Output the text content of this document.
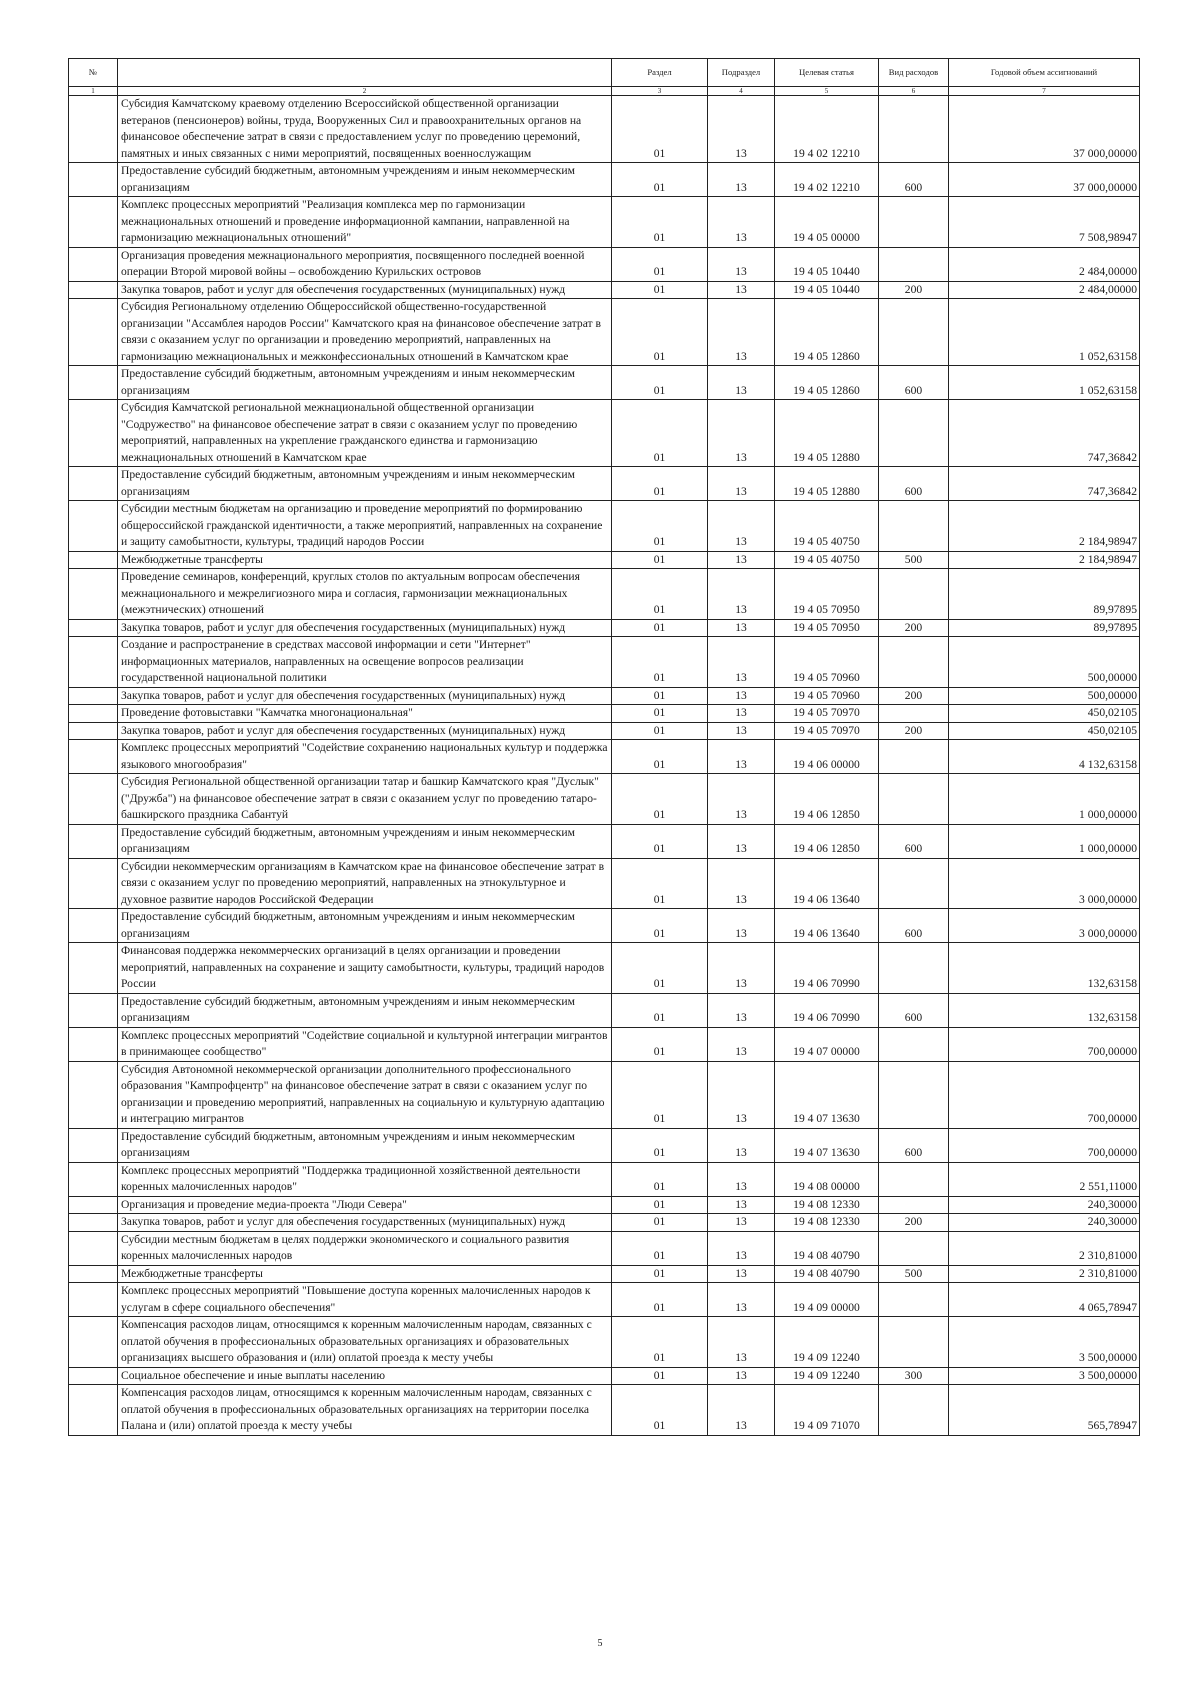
№		Раздел	Подраздел	Целевая статья	Вид расходов	Годовой объем ассигнований
1	2	3	4	5	6	7
	Субсидия Камчатскому краевому отделению Всероссийской общественной организации ветеранов (пенсионеров) войны, труда, Вооруженных Сил и правоохранительных органов на финансовое обеспечение затрат в связи с предоставлением услуг по проведению церемоний, памятных и иных связанных с ними мероприятий, посвященных военнослужащим	01	13	19 4 02 12210		37 000,00000
	Предоставление субсидий бюджетным, автономным учреждениям и иным некоммерческим организациям	01	13	19 4 02 12210	600	37 000,00000
	Комплекс процессных мероприятий "Реализация комплекса мер по гармонизации межнациональных отношений и проведение информационной кампании, направленной на гармонизацию межнациональных отношений"	01	13	19 4 05 00000		7 508,98947
	Организация проведения межнационального мероприятия, посвященного последней военной операции Второй мировой войны – освобождению Курильских островов	01	13	19 4 05 10440		2 484,00000
	Закупка товаров, работ и услуг для обеспечения государственных (муниципальных) нужд	01	13	19 4 05 10440	200	2 484,00000
	Субсидия Региональному отделению Общероссийской общественно-государственной организации "Ассамблея народов России" Камчатского края на финансовое обеспечение затрат в связи с оказанием услуг по организации и проведению мероприятий, направленных на гармонизацию межнациональных и межконфессиональных отношений в Камчатском крае	01	13	19 4 05 12860		1 052,63158
	Предоставление субсидий бюджетным, автономным учреждениям и иным некоммерческим организациям	01	13	19 4 05 12860	600	1 052,63158
	Субсидия Камчатской региональной межнациональной общественной организации "Содружество" на финансовое обеспечение затрат в связи с оказанием услуг по проведению мероприятий, направленных на укрепление гражданского единства и гармонизацию межнациональных отношений в Камчатском крае	01	13	19 4 05 12880		747,36842
	Предоставление субсидий бюджетным, автономным учреждениям и иным некоммерческим организациям	01	13	19 4 05 12880	600	747,36842
	Субсидии местным бюджетам на организацию и проведение мероприятий по формированию общероссийской гражданской идентичности, а также мероприятий, направленных на сохранение и защиту самобытности, культуры, традиций народов России	01	13	19 4 05 40750		2 184,98947
	Межбюджетные трансферты	01	13	19 4 05 40750	500	2 184,98947
	Проведение семинаров, конференций, круглых столов по актуальным вопросам обеспечения межнационального и межрелигиозного мира и согласия, гармонизации межнациональных (межэтнических) отношений	01	13	19 4 05 70950		89,97895
	Закупка товаров, работ и услуг для обеспечения государственных (муниципальных) нужд	01	13	19 4 05 70950	200	89,97895
	Создание и распространение в средствах массовой информации и сети "Интернет" информационных материалов, направленных на освещение вопросов реализации государственной национальной политики	01	13	19 4 05 70960		500,00000
	Закупка товаров, работ и услуг для обеспечения государственных (муниципальных) нужд	01	13	19 4 05 70960	200	500,00000
	Проведение фотовыставки "Камчатка многонациональная"	01	13	19 4 05 70970		450,02105
	Закупка товаров, работ и услуг для обеспечения государственных (муниципальных) нужд	01	13	19 4 05 70970	200	450,02105
	Комплекс процессных мероприятий "Содействие сохранению национальных культур и поддержка языкового многообразия"	01	13	19 4 06 00000		4 132,63158
	Субсидия Региональной общественной организации татар и башкир Камчатского края "Дуслык" ("Дружба") на финансовое обеспечение затрат в связи с оказанием услуг по проведению татаро-башкирского праздника Сабантуй	01	13	19 4 06 12850		1 000,00000
	Предоставление субсидий бюджетным, автономным учреждениям и иным некоммерческим организациям	01	13	19 4 06 12850	600	1 000,00000
	Субсидии некоммерческим организациям в Камчатском крае на финансовое обеспечение затрат в связи с оказанием услуг по проведению мероприятий, направленных на этнокультурное и духовное развитие народов Российской Федерации	01	13	19 4 06 13640		3 000,00000
	Предоставление субсидий бюджетным, автономным учреждениям и иным некоммерческим организациям	01	13	19 4 06 13640	600	3 000,00000
	Финансовая поддержка некоммерческих организаций в целях организации и проведении мероприятий, направленных на сохранение и защиту самобытности, культуры, традиций народов России	01	13	19 4 06 70990		132,63158
	Предоставление субсидий бюджетным, автономным учреждениям и иным некоммерческим организациям	01	13	19 4 06 70990	600	132,63158
	Комплекс процессных мероприятий "Содействие социальной и культурной интеграции мигрантов в принимающее сообщество"	01	13	19 4 07 00000		700,00000
	Субсидия Автономной некоммерческой организации дополнительного профессионального образования "Кампрофцентр" на финансовое обеспечение затрат в связи с оказанием услуг по организации и проведению мероприятий, направленных на социальную и культурную адаптацию и интеграцию мигрантов	01	13	19 4 07 13630		700,00000
	Предоставление субсидий бюджетным, автономным учреждениям и иным некоммерческим организациям	01	13	19 4 07 13630	600	700,00000
	Комплекс процессных мероприятий "Поддержка традиционной хозяйственной деятельности коренных малочисленных народов"	01	13	19 4 08 00000		2 551,11000
	Организация и проведение медиа-проекта "Люди Севера"	01	13	19 4 08 12330		240,30000
	Закупка товаров, работ и услуг для обеспечения государственных (муниципальных) нужд	01	13	19 4 08 12330	200	240,30000
	Субсидии местным бюджетам в целях поддержки экономического и социального развития коренных малочисленных народов	01	13	19 4 08 40790		2 310,81000
	Межбюджетные трансферты	01	13	19 4 08 40790	500	2 310,81000
	Комплекс процессных мероприятий "Повышение доступа коренных малочисленных народов к услугам в сфере социального обеспечения"	01	13	19 4 09 00000		4 065,78947
	Компенсация расходов лицам, относящимся к коренным малочисленным народам, связанных с оплатой обучения в профессиональных образовательных организациях и образовательных организациях высшего образования и (или) оплатой проезда к месту учебы	01	13	19 4 09 12240		3 500,00000
	Социальное обеспечение и иные выплаты населению	01	13	19 4 09 12240	300	3 500,00000
	Компенсация расходов лицам, относящимся к коренным малочисленным народам, связанных с оплатой обучения в профессиональных образовательных организациях на территории поселка Палана и (или) оплатой проезда к месту учебы	01	13	19 4 09 71070		565,78947
5
